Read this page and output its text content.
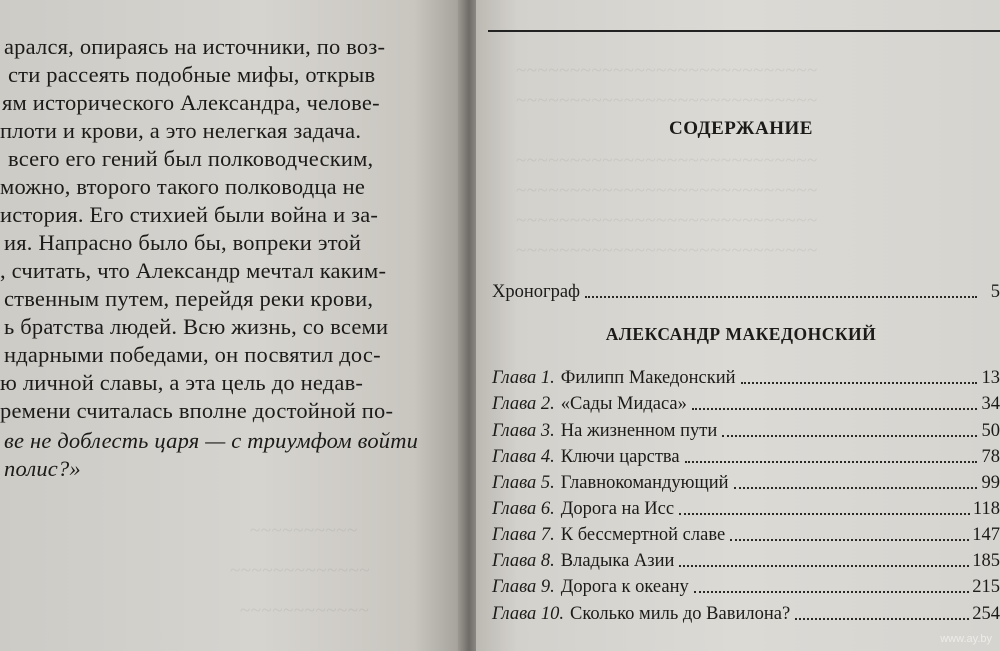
арался, опираясь на источники, по воз-
сти рассеять подобные мифы, открыв
ям исторического Александра, челове-
плоти и крови, а это нелегкая задача.
всего его гений был полководческим,
можно, второго такого полководца не
история. Его стихией были война и за-
ия. Напрасно было бы, вопреки этой
, считать, что Александр мечтал каким-
ственным путем, перейдя реки крови,
ь братства людей. Всю жизнь, со всеми
ндарными победами, он посвятил дос-
ю личной славы, а эта цель до недав-
ремени считалась вполне достойной по-
ве не доблесть царя — с триумфом войти
полис?»
~~~~~~~~~~
~~~~~~~~~~~~~
~~~~~~~~~~~~
~~~~~~~~~~~~~~~~~~~~~~~~~~~~
~~~~~~~~~~~~~~~~~~~~~~~~~~~~
~~~~~~~~~~~~~~~~~~~~~~~~~~~~
~~~~~~~~~~~~~~~~~~~~~~~~~~~~
~~~~~~~~~~~~~~~~~~~~~~~~~~~~
~~~~~~~~~~~~~~~~~~~~~~~~~~~~
СОДЕРЖАНИЕ
Хронограф	5
АЛЕКСАНДР МАКЕДОНСКИЙ
Глава 1. Филипп Македонский	13
Глава 2. «Сады Мидаса»	34
Глава 3. На жизненном пути	50
Глава 4. Ключи царства	78
Глава 5. Главнокомандующий	99
Глава 6. Дорога на Исс	118
Глава 7. К бессмертной славе	147
Глава 8. Владыка Азии	185
Глава 9. Дорога к океану	215
Глава 10. Сколько миль до Вавилона?	254
www.ay.by
